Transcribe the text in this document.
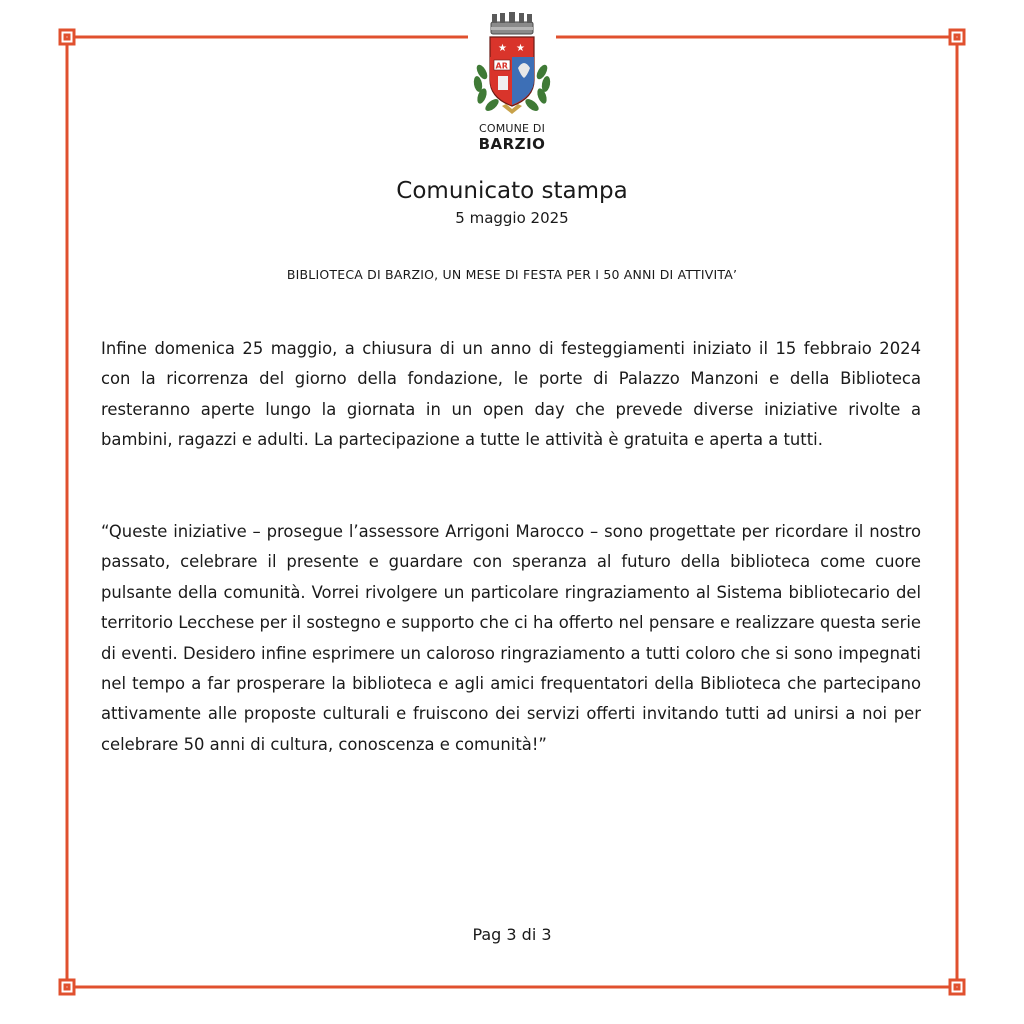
★ ★
AR
COMUNE DI
BARZIO
Comunicato stampa
5 maggio 2025
BIBLIOTECA DI BARZIO, UN MESE DI FESTA PER I 50 ANNI DI ATTIVITA’

Infine domenica 25 maggio, a chiusura di un anno di festeggiamenti iniziato il 15 febbraio 2024 con la ricorrenza del giorno della fondazione, le porte di Palazzo Manzoni e della Biblioteca resteranno aperte lungo la giornata in un open day che prevede diverse iniziative rivolte a bambini, ragazzi e adulti. La partecipazione a tutte le attività è gratuita e aperta a tutti.

“Queste iniziative – prosegue l’assessore Arrigoni Marocco – sono progettate per ricordare il nostro passato, celebrare il presente e guardare con speranza al futuro della biblioteca come cuore pulsante della comunità. Vorrei rivolgere un particolare ringraziamento al Sistema bibliotecario del territorio Lecchese per il sostegno e supporto che ci ha offerto nel pensare e realizzare questa serie di eventi. Desidero infine esprimere un caloroso ringraziamento a tutti coloro che si sono impegnati nel tempo a far prosperare la biblioteca e agli amici frequentatori della Biblioteca che partecipano attivamente alle proposte culturali e fruiscono dei servizi offerti invitando tutti ad unirsi a noi per celebrare 50 anni di cultura, conoscenza e comunità!”

Pag 3 di 3
